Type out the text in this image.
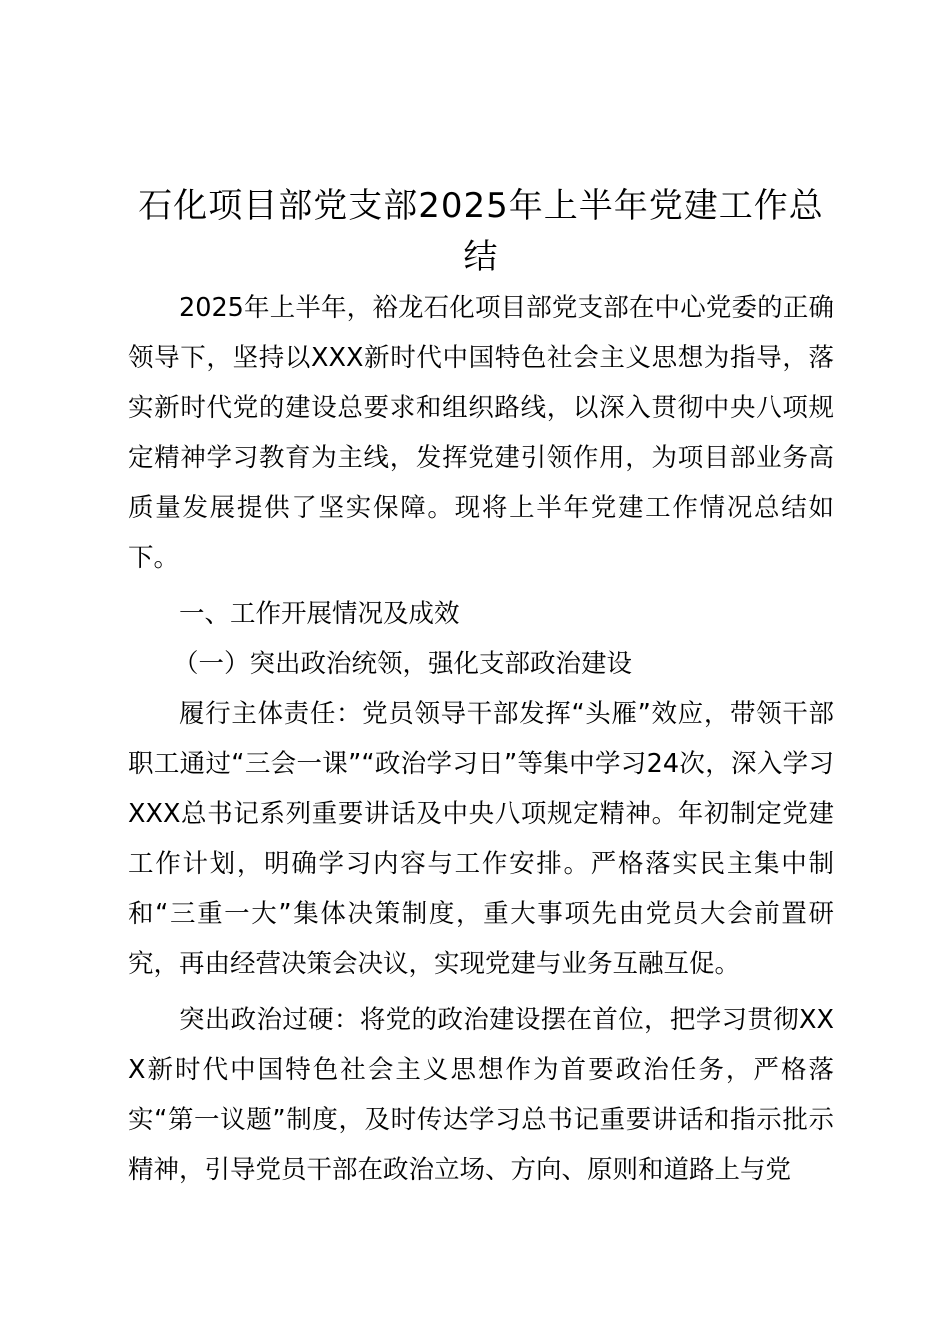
石化项目部党支部2025年上半年党建工作总
结

2025年上半年，裕龙石化项目部党支部在中心党委的正确领导下，坚持以XXX新时代中国特色社会主义思想为指导，落实新时代党的建设总要求和组织路线，以深入贯彻中央八项规定精神学习教育为主线，发挥党建引领作用，为项目部业务高质量发展提供了坚实保障。现将上半年党建工作情况总结如下。

一、工作开展情况及成效

（一）突出政治统领，强化支部政治建设

履行主体责任：党员领导干部发挥“头雁”效应，带领干部职工通过“三会一课”“政治学习日”等集中学习24次，深入学习XXX总书记系列重要讲话及中央八项规定精神。年初制定党建工作计划，明确学习内容与工作安排。严格落实民主集中制和“三重一大”集体决策制度，重大事项先由党员大会前置研究，再由经营决策会决议，实现党建与业务互融互促。

突出政治过硬：将党的政治建设摆在首位，把学习贯彻XXX新时代中国特色社会主义思想作为首要政治任务，严格落实“第一议题”制度，及时传达学习总书记重要讲话和指示批示精神，引导党员干部在政治立场、方向、原则和道路上与党
